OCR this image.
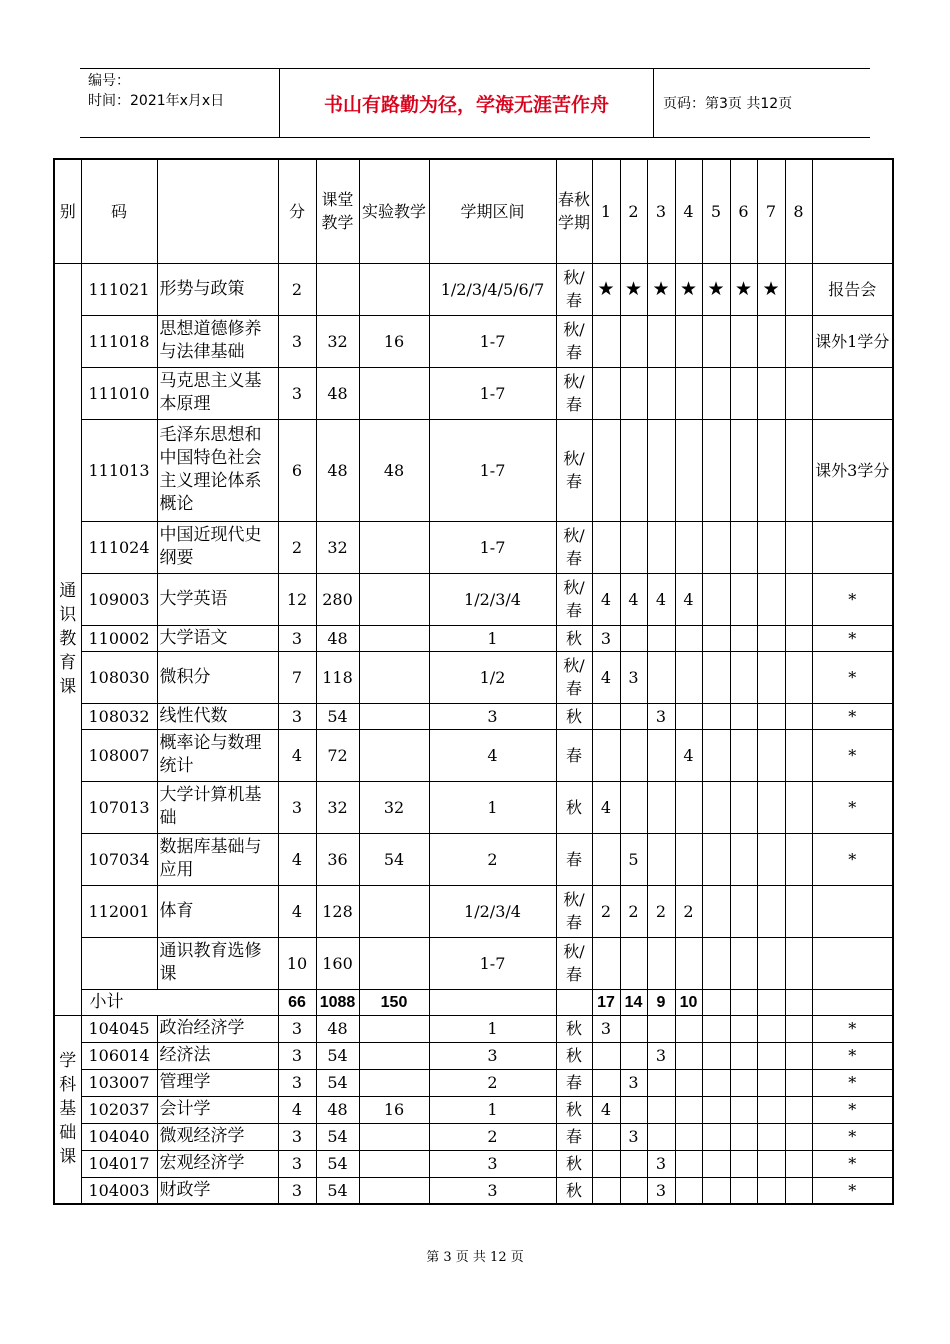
编号：
时间：2021年x月x日	书山有路勤为径，学海无涯苦作舟	页码：第3页 共12页
别	码		分	课堂教学	实验教学	学期区间	春秋学期	1	2	3	4	5	6	7	8	
通识教育课	111021	形势与政策	2			1/2/3/4/5/6/7	秋/春	★	★	★	★	★	★	★		报告会
	111018	思想道德修养与法律基础	3	32	16	1-7	秋/春									课外1学分
	111010	马克思主义基本原理	3	48		1-7	秋/春									
	111013	毛泽东思想和中国特色社会主义理论体系概论	6	48	48	1-7	秋/春									课外3学分
	111024	中国近现代史纲要	2	32		1-7	秋/春									
	109003	大学英语	12	280		1/2/3/4	秋/春	4	4	4	4					*
	110002	大学语文	3	48		1	秋	3								*
	108030	微积分	7	118		1/2	秋/春	4	3							*
	108032	线性代数	3	54		3	秋			3						*
	108007	概率论与数理统计	4	72		4	春				4					*
	107013	大学计算机基础	3	32	32	1	秋	4								*
	107034	数据库基础与应用	4	36	54	2	春		5							*
	112001	体育	4	128		1/2/3/4	秋/春	2	2	2	2					
		通识教育选修课	10	160		1-7	秋/春									
	小计		66	1088	150			17	14	9	10					
学科基础课	104045	政治经济学	3	48		1	秋	3								*
	106014	经济法	3	54		3	秋			3						*
	103007	管理学	3	54		2	春		3							*
	102037	会计学	4	48	16	1	秋	4								*
	104040	微观经济学	3	54		2	春		3							*
	104017	宏观经济学	3	54		3	秋			3						*
	104003	财政学	3	54		3	秋			3						*
第 3 页 共 12 页
